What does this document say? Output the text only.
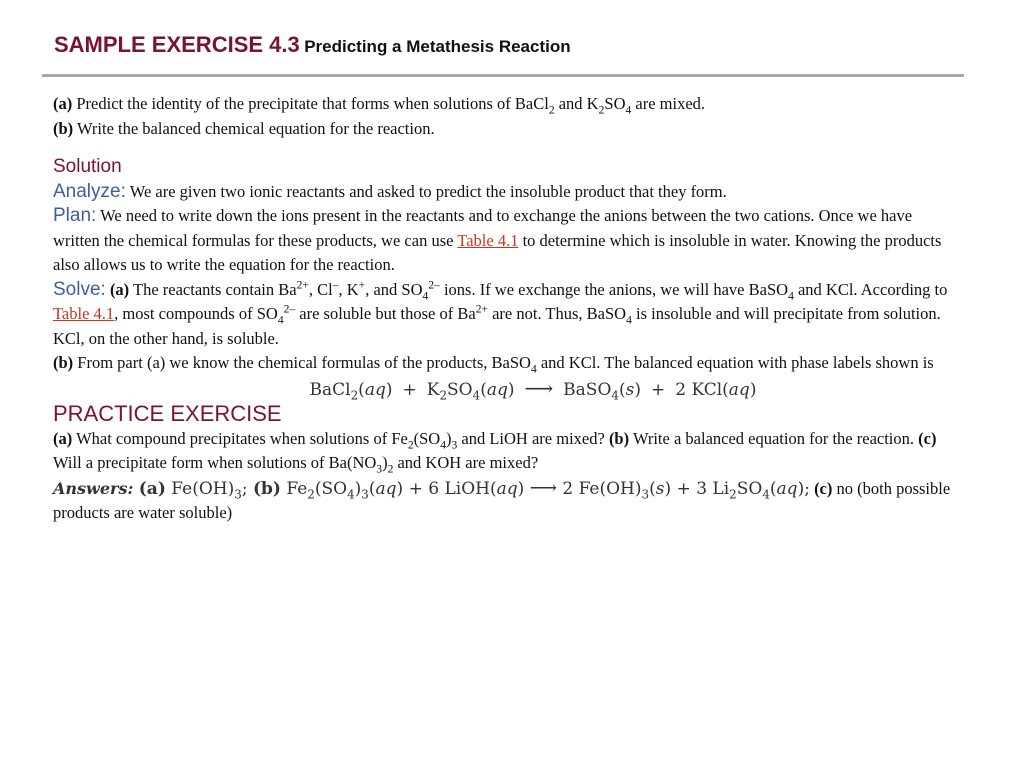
SAMPLE EXERCISE 4.3 Predicting a Metathesis Reaction

(a) Predict the identity of the precipitate that forms when solutions of BaCl$_2$ and $K_2SO_4$ are mixed.

(b) Write the balanced chemical equation for the reaction.

Solution

Analyze: We are given two ionic reactants and asked to predict the insoluble product that they form.

Plan: We need to write down the ions present in the reactants and to exchange the anions between the two cations. Once we have written the chemical formulas for these products, we can use Table 4.1 to determine which is insoluble in water. Knowing the products also allows us to write the equation for the reaction.

Solve: (a) The reactants contain $Ba^{2+}$, Cl–, K+, and $SO_4^{2-}$ ions. If we exchange the anions, we will have BaSO$_4$ and KCl. According to Table 4.1, most compounds of $SO_4^{2-}$ are soluble but those of $Ba^{2+}$ are not. Thus, BaSO$_4$ is insoluble and will precipitate from solution. KCl, on the other hand, is soluble.

(b) From part (a) we know the chemical formulas of the products, BaSO$_4$ and KCl. The balanced equation with phase labels shown is

BaCl$_2$(aq) + $K_2SO_4(aq)$ ⟶ BaSO$_4$(s) + 2 KCl(aq)

PRACTICE EXERCISE

(a) What compound precipitates when solutions of $Fe_2(SO_4)_3$ and LiOH are mixed? (b) Write a balanced equation for the reaction. (c) Will a precipitate form when solutions of $Ba(NO_3)_2$ and KOH are mixed?

Answers: (a) $Fe(OH)_3$; (b) $Fe_2(SO_4)_3(aq) + 6$ LiOH(aq) ⟶ 2 $Fe(OH)_3(s) + 3$ $Li_2SO_4(aq)$; (c) no (both possible products are water soluble)
